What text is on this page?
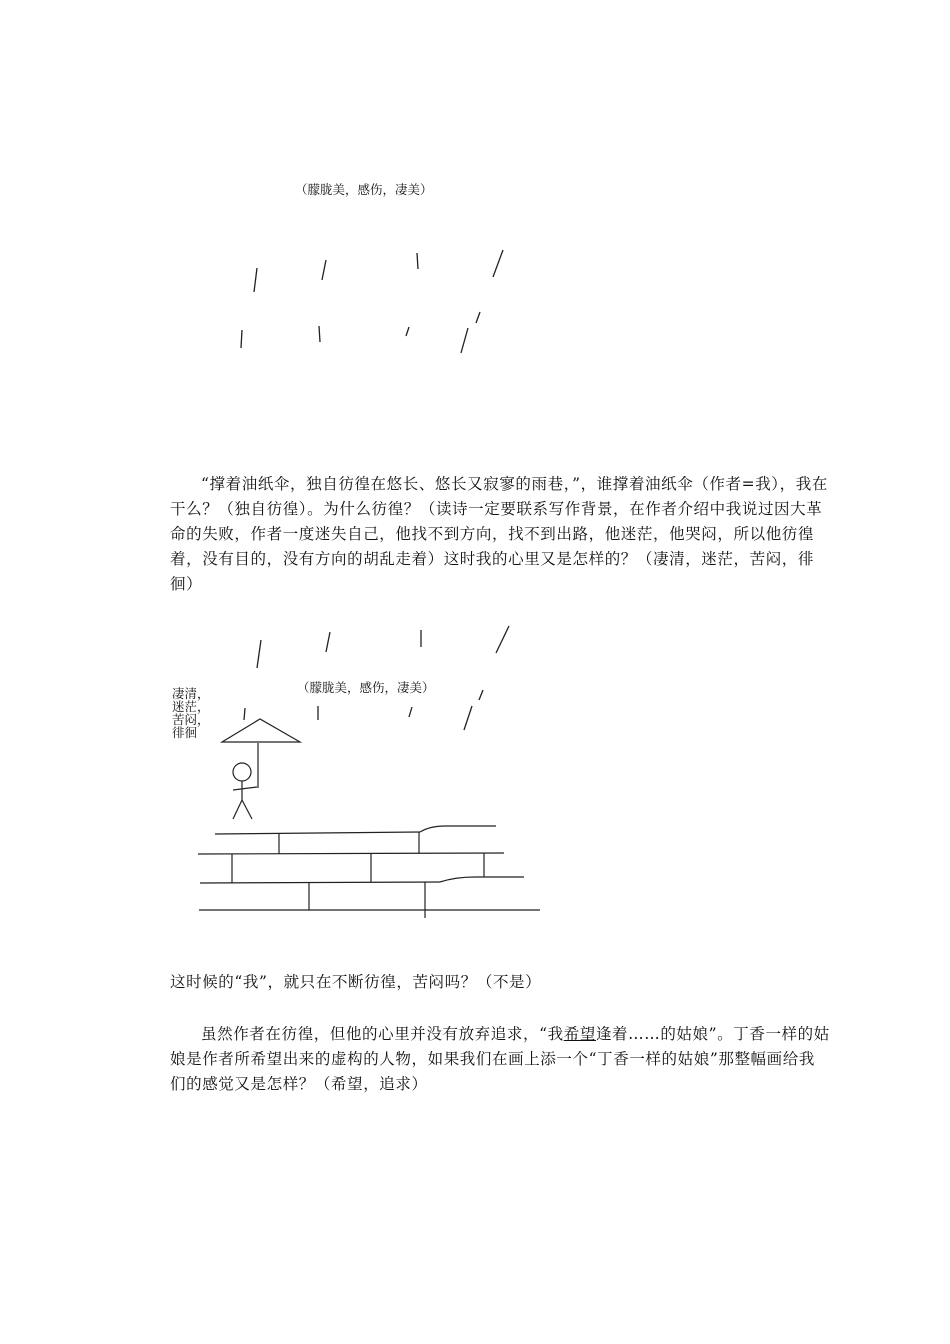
（朦胧美，感伤，凄美）

“撑着油纸伞，独自彷徨在悠长、悠长又寂寥的雨巷，”，谁撑着油纸伞（作者=我），我在干么？（独自彷徨）。为什么彷徨？（读诗一定要联系写作背景，在作者介绍中我说过因大革命的失败，作者一度迷失自己，他找不到方向，找不到出路，他迷茫，他哭闷，所以他彷徨着，没有目的，没有方向的胡乱走着）这时我的心里又是怎样的？（凄清，迷茫，苦闷，徘徊）

（朦胧美，感伤，凄美）
凄清，
迷茫，
苦闷，
徘徊

这时候的“我”，就只在不断彷徨，苦闷吗？（不是）

虽然作者在彷徨，但他的心里并没有放弃追求，“我希望逢着……的姑娘”。丁香一样的姑娘是作者所希望出来的虚构的人物，如果我们在画上添一个“丁香一样的姑娘”那整幅画给我们的感觉又是怎样？（希望，追求）
